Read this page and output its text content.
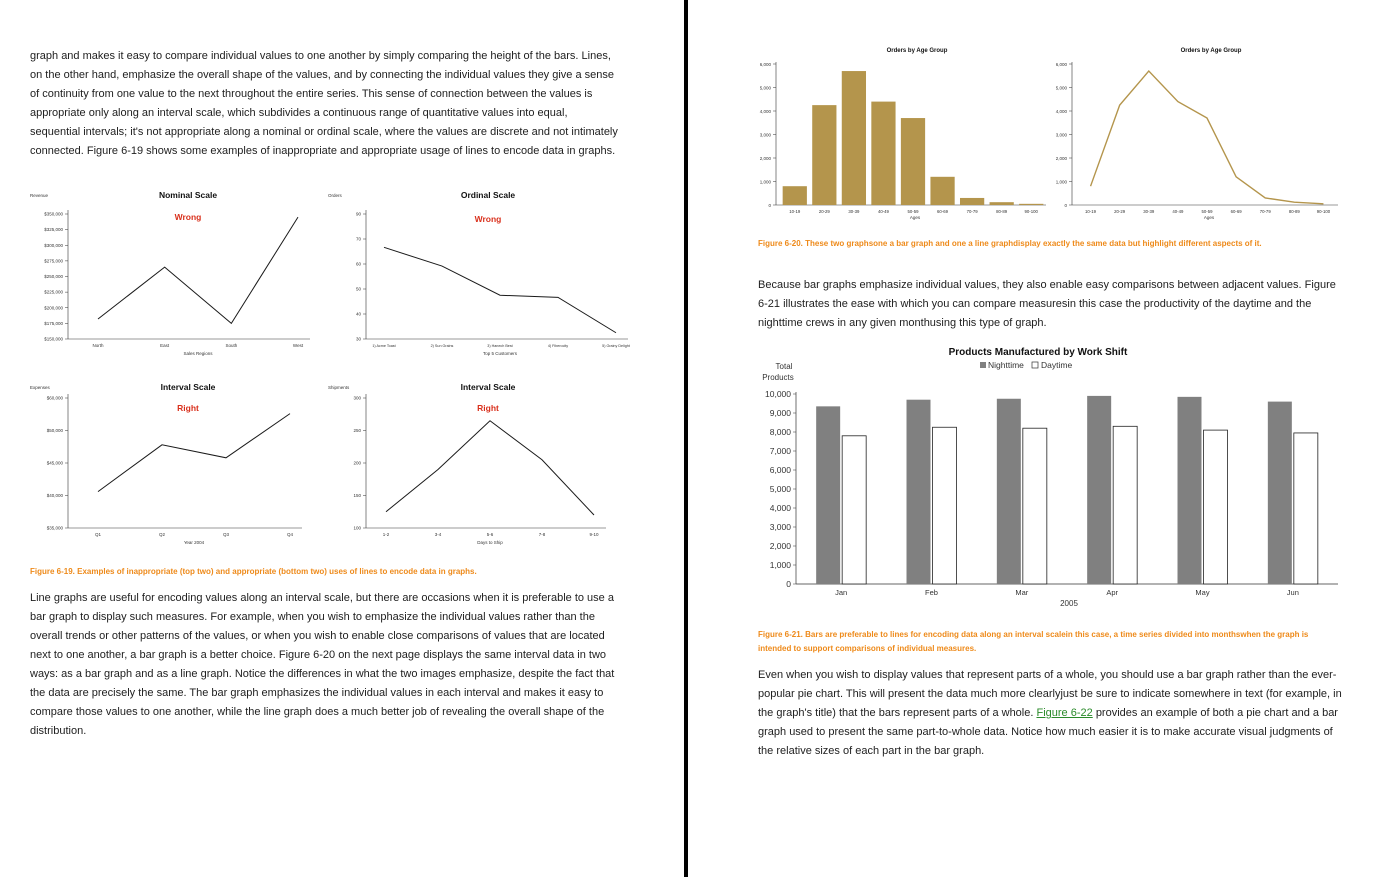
graph and makes it easy to compare individual values to one another by simply comparing the height of the bars. Lines, on the other hand, emphasize the overall shape of the values, and by connecting the individual values they give a sense of continuity from one value to the next throughout the entire series. This sense of connection between the values is appropriate only along an interval scale, which subdivides a continuous range of quantitative values into equal, sequential intervals; it's not appropriate along a nominal or ordinal scale, where the values are discrete and not intimately connected. Figure 6-19 shows some examples of inappropriate and appropriate usage of lines to encode data in graphs.

Nominal Scale
Wrong
Revenue
$350,000
$325,000
$300,000
$275,000
$250,000
$225,000
$200,000
$175,000
$150,000
North	East	South	West
Sales Regions
Ordinal Scale
Wrong
Orders
90
70
60
50
40
30
1) Acme Toast	2) Sun Grains	3) Hanech Best	4) Fiberocity	5) Grainy Delight
Top 5 Customers
Interval Scale
Right
Expenses
$60,000
$50,000
$45,000
$40,000
$35,000
Q1	Q2	Q3	Q4
Year 2004
Interval Scale
Right
Shipments
300
250
200
150
100
1-2	3-4	5-6	7-8	9-10
Days to Ship

Figure 6-19. Examples of inappropriate (top two) and appropriate (bottom two) uses of lines to encode data in graphs.

Line graphs are useful for encoding values along an interval scale, but there are occasions when it is preferable to use a bar graph to display such measures. For example, when you wish to emphasize the individual values rather than the overall trends or other patterns of the values, or when you wish to enable close comparisons of values that are located next to one another, a bar graph is a better choice. Figure 6-20 on the next page displays the same interval data in two ways: as a bar graph and as a line graph. Notice the differences in what the two images emphasize, despite the fact that the data are precisely the same. The bar graph emphasizes the individual values in each interval and makes it easy to compare those values to one another, while the line graph does a much better job of revealing the overall shape of the distribution.

Orders by Age Group
6,000
5,000
4,000
3,000
2,000
1,000
0
10-19	20-29	30-39	40-49	50-59	60-69	70-79	80-89	90-100
Ages
Orders by Age Group
6,000
5,000
4,000
3,000
2,000
1,000
0
10-19	20-29	30-39	40-49	50-59	60-69	70-79	80-89	90-100
Ages

Figure 6-20. These two graphsone a bar graph and one a line graphdisplay exactly the same data but highlight different aspects of it.

Because bar graphs emphasize individual values, they also enable easy comparisons between adjacent values. Figure 6-21 illustrates the ease with which you can compare measuresin this case the productivity of the daytime and the nighttime crews in any given monthusing this type of graph.

Products Manufactured by Work Shift
Nighttime Daytime
Total
Products
10,000
9,000
8,000
7,000
6,000
5,000
4,000
3,000
2,000
1,000
0
Jan	Feb	Mar	Apr	May	Jun
2005

Figure 6-21. Bars are preferable to lines for encoding data along an interval scalein this case, a time series divided into monthswhen the graph is intended to support comparisons of individual measures.

Even when you wish to display values that represent parts of a whole, you should use a bar graph rather than the ever-popular pie chart. This will present the data much more clearlyjust be sure to indicate somewhere in text (for example, in the graph's title) that the bars represent parts of a whole. Figure 6-22 provides an example of both a pie chart and a bar graph used to present the same part-to-whole data. Notice how much easier it is to make accurate visual judgments of the relative sizes of each part in the bar graph.
